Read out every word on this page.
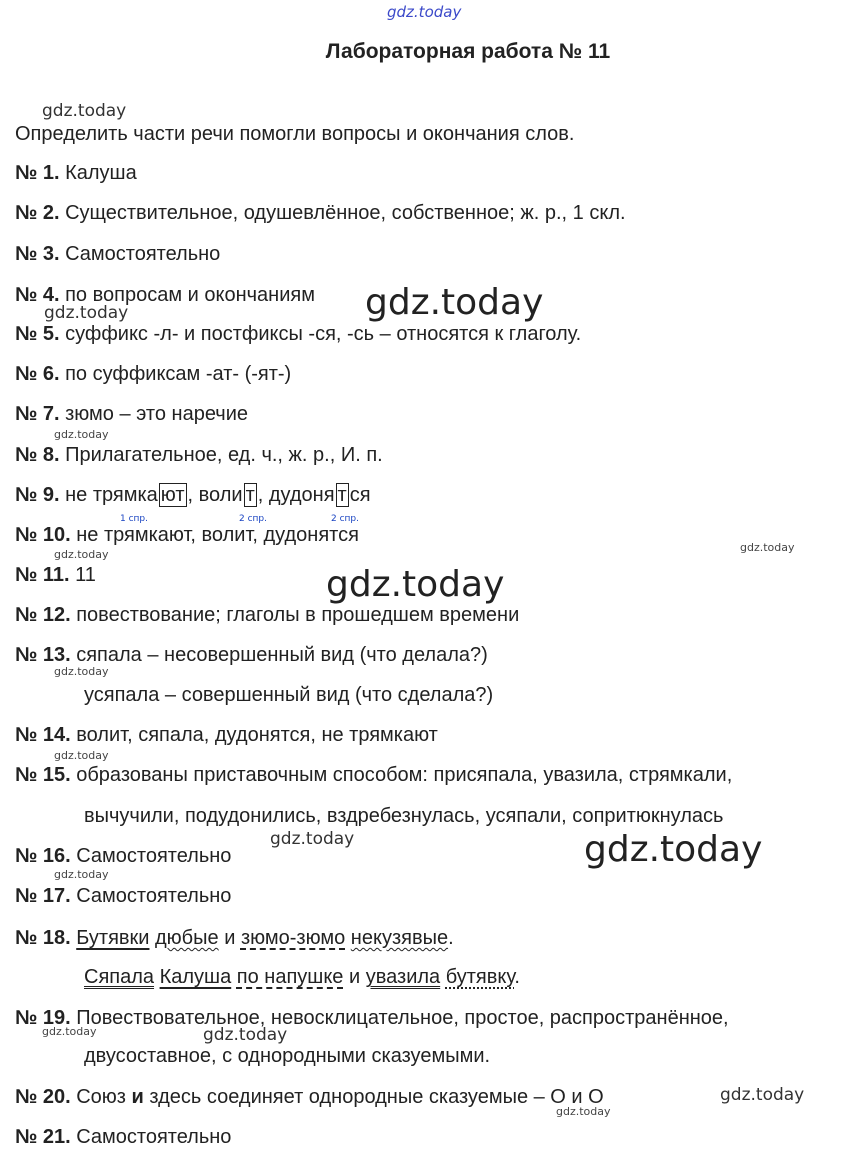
gdz.today
gdz.today
gdz.today
gdz.today
gdz.today
gdz.today
gdz.today
gdz.today
gdz.today
gdz.today
gdz.today	gdz.today
gdz.today
gdz.today	gdz.today
gdz.today
gdz.today
Лабораторная работа № 11
Определить части речи помогли вопросы и окончания слов.
№ 1. Калуша
№ 2. Существительное, одушевлённое, собственное; ж. р., 1 скл.
№ 3. Самостоятельно
№ 4. по вопросам и окончаниям
№ 5. суффикс -л- и постфиксы -ся, -сь – относятся к глаголу.
№ 6. по суффиксам -ат- (-ят-)
№ 7. зюмо – это наречие
№ 8. Прилагательное, ед. ч., ж. р., И. п.
№ 9. не трямка ют , воли т , дудоня т ся
1 спр.	2 спр.	2 спр.
№ 10. не трямкают, волит, дудонятся
№ 11. 11
№ 12. повествование; глаголы в прошедшем времени
№ 13. сяпала – несовершенный вид (что делала?)
усяпала – совершенный вид (что сделала?)
№ 14. волит, сяпала, дудонятся, не трямкают
№ 15. образованы приставочным способом: присяпала, увазила, стрямкали,
вычучили, подудонились, вздребезнулась, усяпали, сопритюкнулась
№ 16. Самостоятельно
№ 17. Самостоятельно
№ 18. Бутявки дюбые и зюмо-зюмо некузявые.
Сяпала Калуша по напушке и увазила бутявку.
№ 19. Повествовательное, невосклицательное, простое, распространённое,
двусоставное, с однородными сказуемыми.
№ 20. Союз и здесь соединяет однородные сказуемые – О и О
№ 21. Самостоятельно
